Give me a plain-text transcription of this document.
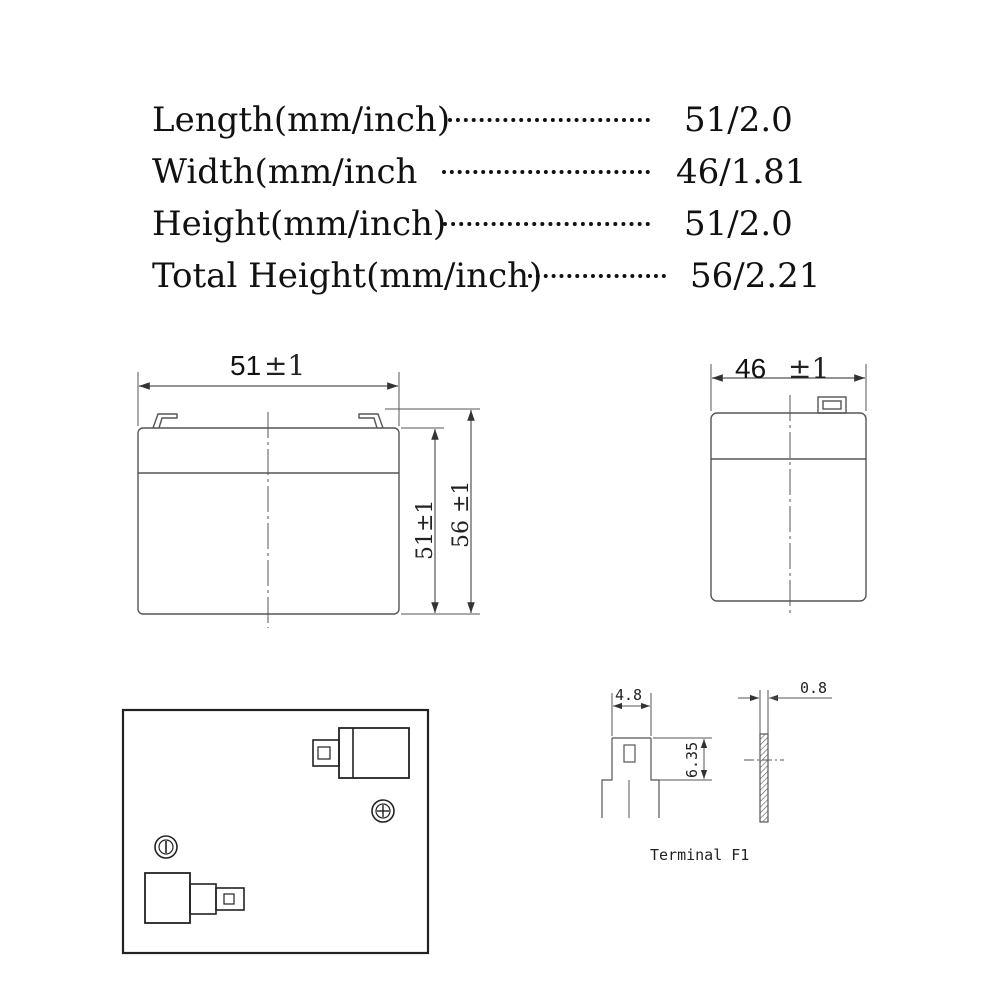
Length(mm/inch)	51/2.0
Width(mm/inch	46/1.81
Height(mm/inch)	51/2.0
Total Height(mm/inch)	56/2.21
51 ±1
51±1 56 ±1
46 ±1
4.8
6.35
0.8
Terminal F1
